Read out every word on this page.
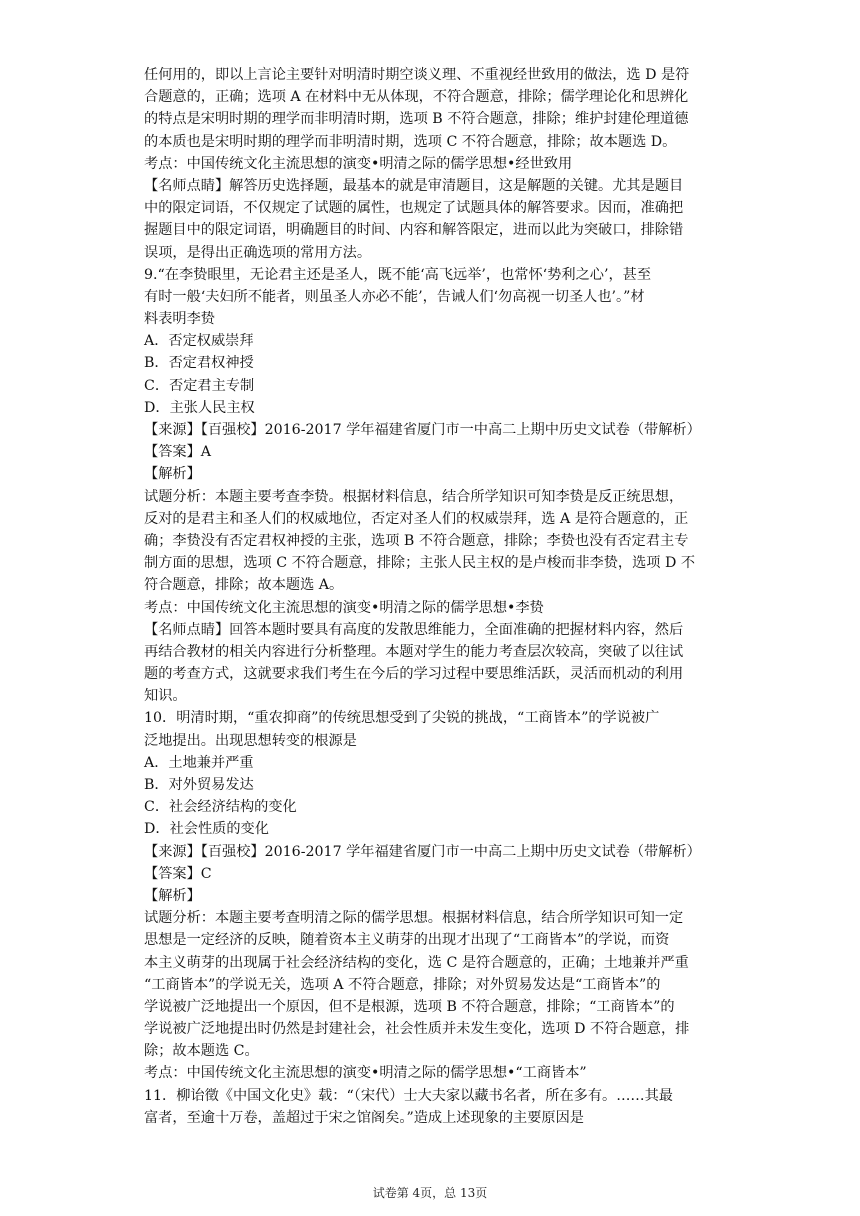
任何用的，即以上言论主要针对明清时期空谈义理、不重视经世致用的做法，选 D 是符
合题意的，正确；选项 A 在材料中无从体现，不符合题意，排除；儒学理论化和思辨化
的特点是宋明时期的理学而非明清时期，选项 B 不符合题意，排除；维护封建伦理道德
的本质也是宋明时期的理学而非明清时期，选项 C 不符合题意，排除；故本题选 D。
考点：中国传统文化主流思想的演变•明清之际的儒学思想•经世致用
【名师点睛】解答历史选择题，最基本的就是审清题目，这是解题的关键。尤其是题目
中的限定词语，不仅规定了试题的属性，也规定了试题具体的解答要求。因而，准确把
握题目中的限定词语，明确题目的时间、内容和解答限定，进而以此为突破口，排除错
误项，是得出正确选项的常用方法。
9.“在李贽眼里，无论君主还是圣人，既不能‘高飞远举’，也常怀‘势利之心’，甚至
有时一般‘夫妇所不能者，则虽圣人亦必不能’，告诫人们‘勿高视一切圣人也’。”材
料表明李贽
A．否定权威崇拜
B．否定君权神授
C．否定君主专制
D．主张人民主权
【来源】【百强校】2016-2017 学年福建省厦门市一中高二上期中历史文试卷（带解析）
【答案】A
【解析】
试题分析：本题主要考查李贽。根据材料信息，结合所学知识可知李贽是反正统思想，
反对的是君主和圣人们的权威地位，否定对圣人们的权威崇拜，选 A 是符合题意的，正
确；李贽没有否定君权神授的主张，选项 B 不符合题意，排除；李贽也没有否定君主专
制方面的思想，选项 C 不符合题意，排除；主张人民主权的是卢梭而非李贽，选项 D 不
符合题意，排除；故本题选 A。
考点：中国传统文化主流思想的演变•明清之际的儒学思想•李贽
【名师点睛】回答本题时要具有高度的发散思维能力，全面准确的把握材料内容，然后
再结合教材的相关内容进行分析整理。本题对学生的能力考查层次较高，突破了以往试
题的考查方式，这就要求我们考生在今后的学习过程中要思维活跃，灵活而机动的利用
知识。
10．明清时期，“重农抑商”的传统思想受到了尖锐的挑战，“工商皆本”的学说被广
泛地提出。出现思想转变的根源是
A．土地兼并严重
B．对外贸易发达
C．社会经济结构的变化
D．社会性质的变化
【来源】【百强校】2016-2017 学年福建省厦门市一中高二上期中历史文试卷（带解析）
【答案】C
【解析】
试题分析：本题主要考查明清之际的儒学思想。根据材料信息，结合所学知识可知一定
思想是一定经济的反映，随着资本主义萌芽的出现才出现了“工商皆本”的学说，而资
本主义萌芽的出现属于社会经济结构的变化，选 C 是符合题意的，正确；土地兼并严重
“工商皆本”的学说无关，选项 A 不符合题意，排除；对外贸易发达是“工商皆本”的
学说被广泛地提出一个原因，但不是根源，选项 B 不符合题意，排除；“工商皆本”的
学说被广泛地提出时仍然是封建社会，社会性质并未发生变化，选项 D 不符合题意，排
除；故本题选 C。
考点：中国传统文化主流思想的演变•明清之际的儒学思想•“工商皆本”
11．柳诒徵《中国文化史》载：“（宋代）士大夫家以藏书名者，所在多有。……其最
富者，至逾十万卷，盖超过于宋之馆阁矣。”造成上述现象的主要原因是
试卷第 4页，总 13页
